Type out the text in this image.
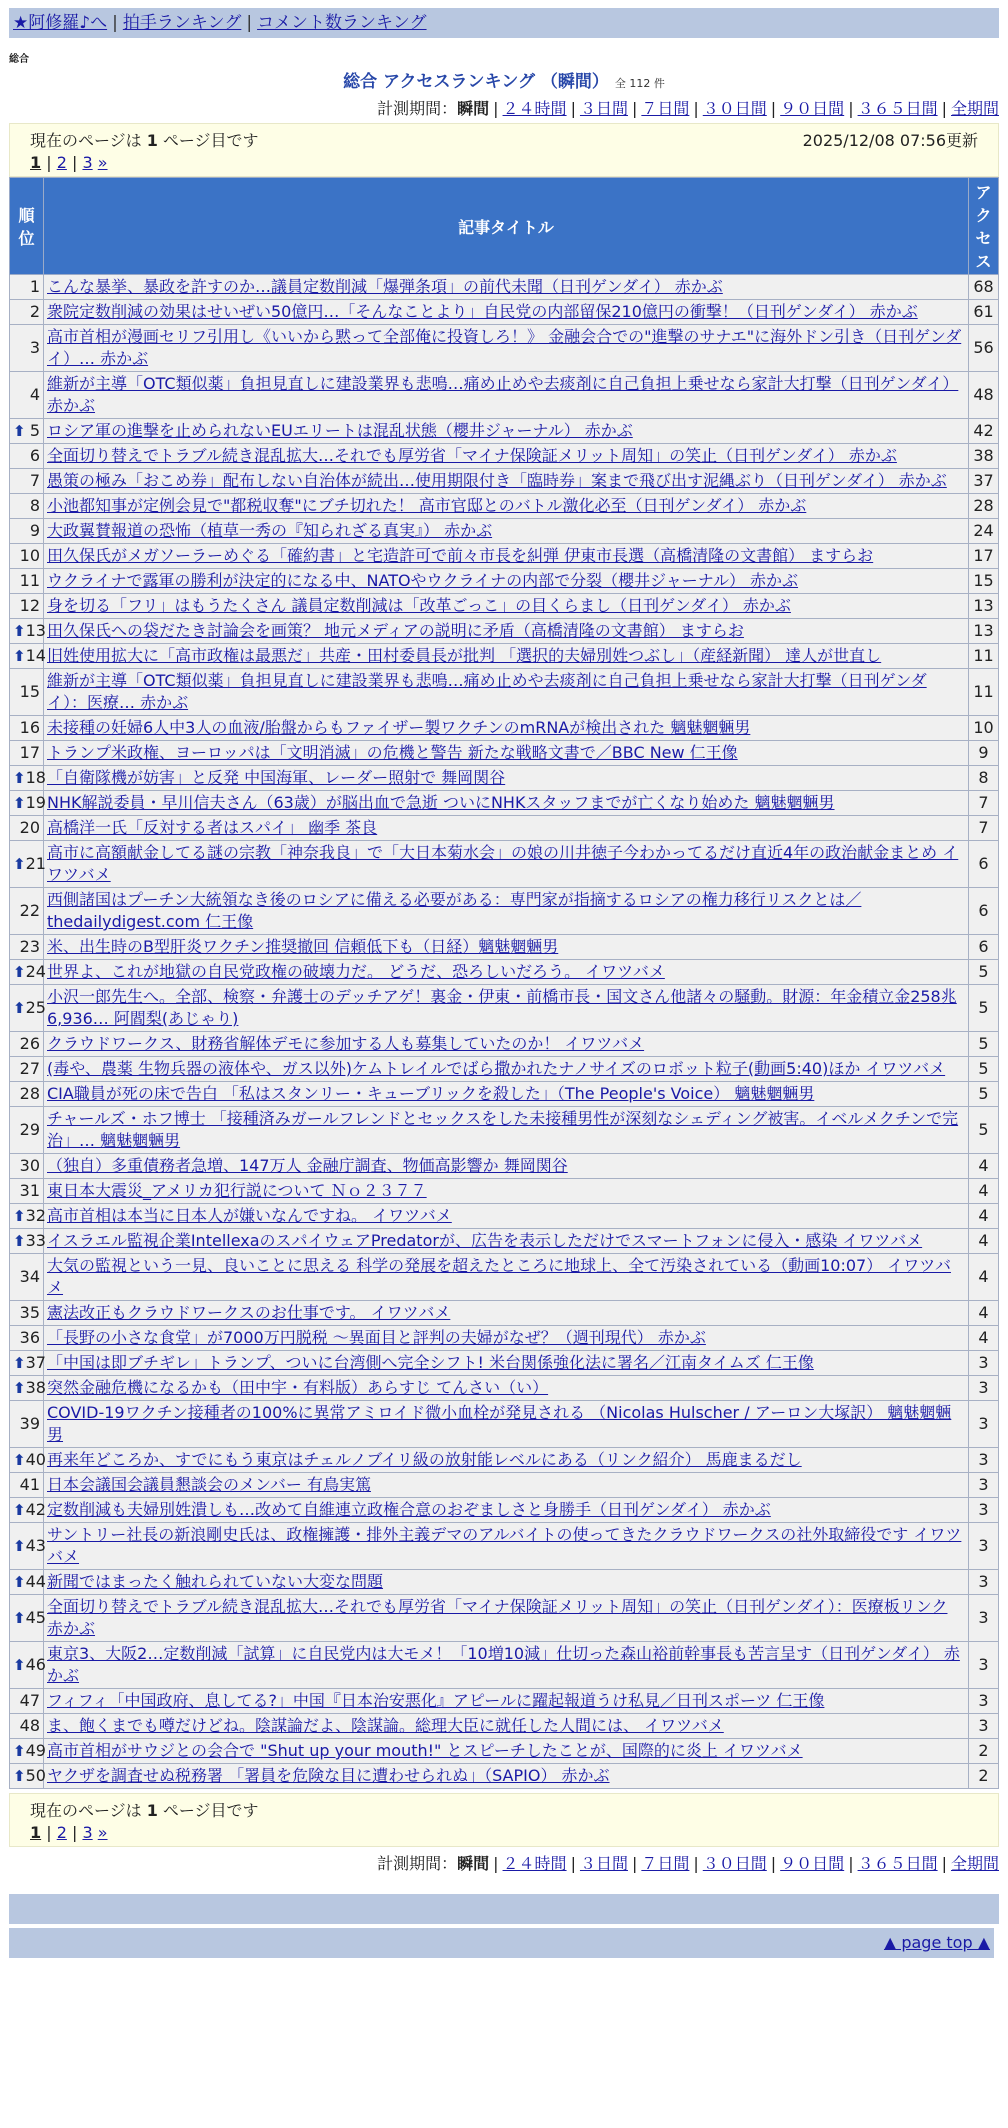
★阿修羅♪へ | 拍手ランキング | コメント数ランキング
総合
総合 アクセスランキング （瞬間） 全 112 件
計測期間：瞬間 | ２４時間 | ３日間 | ７日間 | ３０日間 | ９０日間 | ３６５日間 | 全期間
現在のページは 1 ページ目です	2025/12/08 07:56更新
1 | 2 | 3 »
順位	記事タイトル	アクセス
1	こんな暴挙、暴政を許すのか…議員定数削減「爆弾条項」の前代未聞（日刊ゲンダイ） 赤かぶ	68
2	衆院定数削減の効果はせいぜい50億円…「そんなことより」自民党の内部留保210億円の衝撃！（日刊ゲンダイ） 赤かぶ	61
3	高市首相が漫画セリフ引用し《いいから黙って全部俺に投資しろ！》 金融会合での"進撃のサナエ"に海外ドン引き（日刊ゲンダイ）… 赤かぶ	56
4	維新が主導「OTC類似薬」負担見直しに建設業界も悲鳴…痛め止めや去痰剤に自己負担上乗せなら家計大打撃（日刊ゲンダイ） 赤かぶ	48

⬆ 5	ロシア軍の進撃を止められないEUエリートは混乱状態（櫻井ジャーナル） 赤かぶ	42
6	全面切り替えでトラブル続き混乱拡大…それでも厚労省「マイナ保険証メリット周知」の笑止（日刊ゲンダイ） 赤かぶ	38
7	愚策の極み「おこめ券」配布しない自治体が続出…使用期限付き「臨時券」案まで飛び出す泥縄ぶり（日刊ゲンダイ） 赤かぶ	37
8	小池都知事が定例会見で"都税収奪"にブチ切れた！ 高市官邸とのバトル激化必至（日刊ゲンダイ） 赤かぶ	28
9	大政翼賛報道の恐怖（植草一秀の『知られざる真実』） 赤かぶ	24
10	田久保氏がメガソーラーめぐる「確約書」と宅造許可で前々市長を糾弾 伊東市長選（高橋清隆の文書館） ますらお	17
11	ウクライナで露軍の勝利が決定的になる中、NATOやウクライナの内部で分裂（櫻井ジャーナル） 赤かぶ	15
12	身を切る「フリ」はもうたくさん 議員定数削減は「改革ごっこ」の目くらまし（日刊ゲンダイ） 赤かぶ	13

⬆ 13	田久保氏への袋だたき討論会を画策？ 地元メディアの説明に矛盾（高橋清隆の文書館） ますらお	13

⬆ 14	旧姓使用拡大に「高市政権は最悪だ」共産・田村委員長が批判 「選択的夫婦別姓つぶし」（産経新聞） 達人が世直し	11
15	維新が主導「OTC類似薬」負担見直しに建設業界も悲鳴…痛め止めや去痰剤に自己負担上乗せなら家計大打撃（日刊ゲンダイ）：医療… 赤かぶ	11
16	未接種の妊婦6人中3人の血液/胎盤からもファイザー製ワクチンのmRNAが検出された 魑魅魍魎男	10
17	トランプ米政権、ヨーロッパは「文明消滅」の危機と警告 新たな戦略文書で／BBC New 仁王像	9

⬆ 18	「自衛隊機が妨害」と反発 中国海軍、レーダー照射で 舞岡関谷	8

⬆ 19	NHK解説委員・早川信夫さん（63歳）が脳出血で急逝 ついにNHKスタッフまでが亡くなり始めた 魑魅魍魎男	7
20	高橋洋一氏「反対する者はスパイ」 幽季 茶良	7

⬆ 21	高市に高額献金してる謎の宗教「神奈我良」で「大日本菊水会」の娘の川井徳子今わかってるだけ直近4年の政治献金まとめ イワツバメ	6
22	西側諸国はプーチン大統領なき後のロシアに備える必要がある：専門家が指摘するロシアの権力移行リスクとは／thedailydigest.com 仁王像	6
23	米、出生時のB型肝炎ワクチン推奨撤回 信頼低下も（日経）魑魅魍魎男	6

⬆ 24	世界よ、これが地獄の自民党政権の破壊力だ。 どうだ、恐ろしいだろう。 イワツバメ	5

⬆ 25	小沢一郎先生へ。全部、検察・弁護士のデッチアゲ！裏金・伊東・前橋市長・国文さん他諸々の騒動。財源：年金積立金258兆6,936… 阿閻梨(あじゃり)	5
26	クラウドワークス、財務省解体デモに参加する人も募集していたのか！ イワツバメ	5
27	(毒や、農薬 生物兵器の液体や、ガス以外)ケムトレイルでばら撒かれたナノサイズのロボット粒子(動画5:40)ほか イワツバメ	5
28	CIA職員が死の床で告白 「私はスタンリー・キューブリックを殺した」（The People's Voice） 魑魅魍魎男	5
29	チャールズ・ホフ博士 「接種済みガールフレンドとセックスをした未接種男性が深刻なシェディング被害。イベルメクチンで完治」… 魑魅魍魎男	5
30	（独自）多重債務者急増、147万人 金融庁調査、物価高影響か 舞岡関谷	4
31	東日本大震災_アメリカ犯行説について Ｎｏ２３７７	4

⬆ 32	高市首相は本当に日本人が嫌いなんですね。 イワツバメ	4

⬆ 33	イスラエル監視企業IntellexaのスパイウェアPredatorが、広告を表示しただけでスマートフォンに侵入・感染 イワツバメ	4
34	大気の監視という一見、良いことに思える 科学の発展を超えたところに地球上、全て汚染されている（動画10:07） イワツバメ	4
35	憲法改正もクラウドワークスのお仕事です。 イワツバメ	4
36	「長野の小さな食堂」が7000万円脱税 ～異面目と評判の夫婦がなぜ？（週刊現代） 赤かぶ	4

⬆ 37	「中国は即ブチギレ」トランプ、ついに台湾側へ完全シフト! 米台関係強化法に署名／江南タイムズ 仁王像	3

⬆ 38	突然金融危機になるかも（田中宇・有料版）あらすじ てんさい（い）	3
39	COVID-19ワクチン接種者の100%に異常アミロイド微小血栓が発見される （Nicolas Hulscher / アーロン大塚訳） 魑魅魍魎男	3

⬆ 40	再来年どころか、すでにもう東京はチェルノブイリ級の放射能レベルにある（リンク紹介） 馬鹿まるだし	3
41	日本会議国会議員懇談会のメンバー 有鳥実篤	3

⬆ 42	定数削減も夫婦別姓潰しも…改めて自維連立政権合意のおぞましさと身勝手（日刊ゲンダイ） 赤かぶ	3

⬆ 43	サントリー社長の新浪剛史氏は、政権擁護・排外主義デマのアルバイトの使ってきたクラウドワークスの社外取締役です イワツバメ	3

⬆ 44	新聞ではまったく触れられていない大変な問題	3

⬆ 45	全面切り替えでトラブル続き混乱拡大…それでも厚労省「マイナ保険証メリット周知」の笑止（日刊ゲンダイ）：医療板リンク 赤かぶ	3

⬆ 46	東京3、大阪2…定数削減「試算」に自民党内は大モメ！「10増10減」仕切った森山裕前幹事長も苦言呈す（日刊ゲンダイ） 赤かぶ	3
47	フィフィ「中国政府、息してる?」中国『日本治安悪化』アピールに躍起報道うけ私見／日刊スポーツ 仁王像	3
48	ま、飽くまでも噂だけどね。陰謀論だよ、陰謀論。総理大臣に就任した人間には、 イワツバメ	3

⬆ 49	高市首相がサウジとの会合で "Shut up your mouth!" とスピーチしたことが、国際的に炎上 イワツバメ	2

⬆ 50	ヤクザを調査せぬ税務署 「署員を危険な目に遭わせられぬ」（SAPIO） 赤かぶ	2
現在のページは 1 ページ目です
1 | 2 | 3 »
計測期間：瞬間 | ２４時間 | ３日間 | ７日間 | ３０日間 | ９０日間 | ３６５日間 | 全期間
▲ page top ▲
